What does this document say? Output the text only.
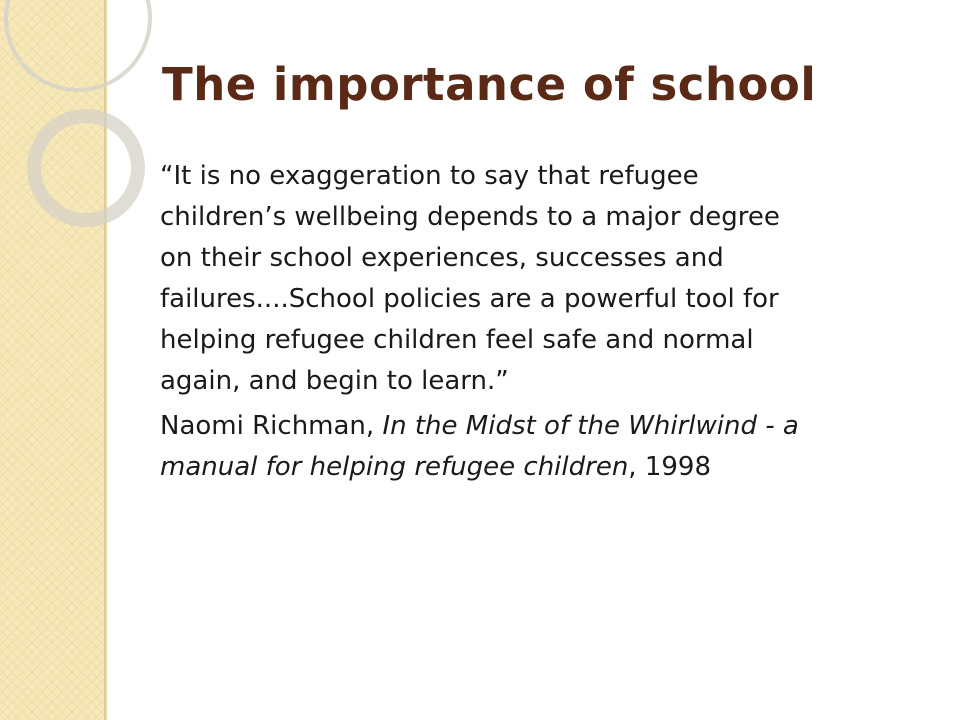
The importance of school
“It is no exaggeration to say that refugee
children’s wellbeing depends to a major degree
on their school experiences, successes and
failures....School policies are a powerful tool for
helping refugee children feel safe and normal
again, and begin to learn.”
Naomi Richman, In the Midst of the Whirlwind - a
manual for helping refugee children, 1998
